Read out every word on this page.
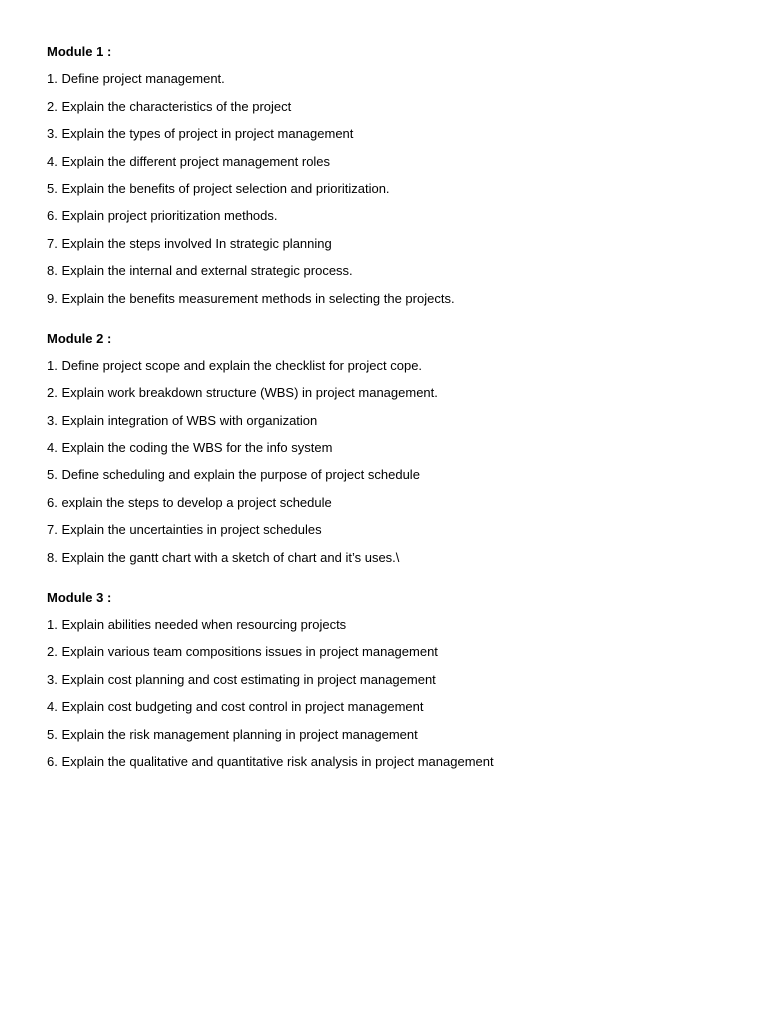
Module 1 :

1. Define project management.
2. Explain the characteristics of the project
3. Explain the types of project in project management
4. Explain the different project management roles
5. Explain the benefits of project selection and prioritization.
6. Explain project prioritization methods.
7. Explain the steps involved In strategic planning
8. Explain the internal and external strategic process.
9. Explain the benefits measurement methods in selecting the projects.

Module 2 :

1. Define project scope and explain the checklist for project cope.
2. Explain work breakdown structure (WBS) in project management.
3. Explain integration of WBS with organization
4. Explain the coding the WBS for the info system
5. Define scheduling and explain the purpose of project schedule
6. explain the steps to develop a project schedule
7. Explain the uncertainties in project schedules
8. Explain the gantt chart with a sketch of chart and it’s uses.\

Module 3 :

1. Explain abilities needed when resourcing projects
2. Explain various team compositions issues in project management
3. Explain cost planning and cost estimating in project management
4. Explain cost budgeting and cost control in project management
5. Explain the risk management planning in project management
6. Explain the qualitative and quantitative risk analysis in project management
